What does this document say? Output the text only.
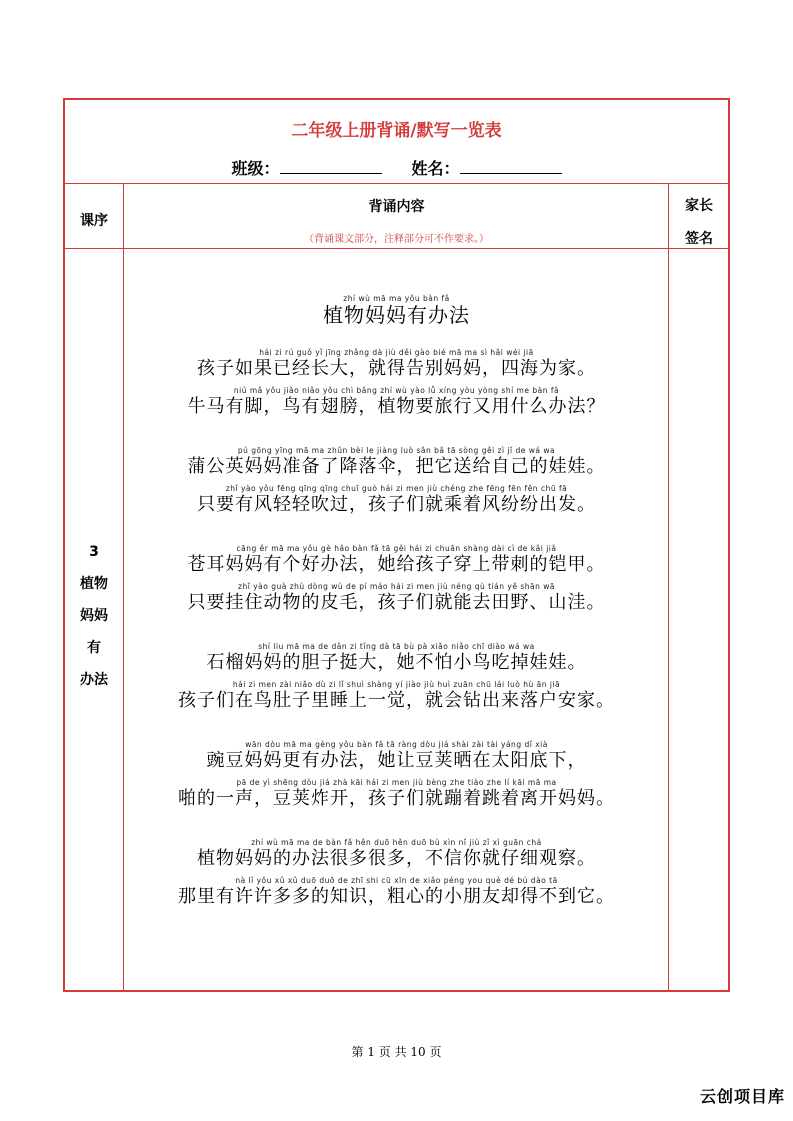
二年级上册背诵/默写一览表
班级：	姓名：
课序
背诵内容
（背诵课文部分，注释部分可不作要求。）
家长
签名
3
植物
妈妈
有
办法
zhí wù mā ma yǒu bàn fǎ
植物妈妈有办法
hái zi rú guǒ yǐ jīng zhǎng dà jiù děi gào bié mā ma sì hǎi wéi jiā
孩子如果已经长大，就得告别妈妈，四海为家。
niú mǎ yǒu jiǎo niǎo yǒu chì bǎng zhí wù yào lǚ xíng yòu yòng shí me bàn fǎ
牛马有脚，鸟有翅膀，植物要旅行又用什么办法？
pú gōng yīng mā ma zhǔn bèi le jiàng luò sǎn bǎ tā sòng gěi zì jǐ de wá wa
蒲公英妈妈准备了降落伞，把它送给自己的娃娃。
zhǐ yào yǒu fēng qīng qīng chuī guò hái zi men jiù chéng zhe fēng fēn fēn chū fā
只要有风轻轻吹过，孩子们就乘着风纷纷出发。
cāng ěr mā ma yǒu gè hǎo bàn fǎ tā gěi hái zi chuān shàng dài cì de kǎi jiǎ
苍耳妈妈有个好办法，她给孩子穿上带刺的铠甲。
zhǐ yào guà zhù dòng wù de pí máo hái zi men jiù néng qù tián yě shān wā
只要挂住动物的皮毛，孩子们就能去田野、山洼。
shí liu mā ma de dǎn zi tǐng dà tā bù pà xiǎo niǎo chī diào wá wa
石榴妈妈的胆子挺大，她不怕小鸟吃掉娃娃。
hái zi men zài niǎo dù zi lǐ shuì shàng yí jiào jiù huì zuān chū lái luò hù ān jiā
孩子们在鸟肚子里睡上一觉，就会钻出来落户安家。
wān dòu mā ma gèng yǒu bàn fǎ tā ràng dòu jiá shài zài tài yáng dǐ xià
豌豆妈妈更有办法，她让豆荚晒在太阳底下，
pā de yì shēng dòu jiá zhà kāi hái zi men jiù bèng zhe tiào zhe lí kāi mā ma
啪的一声，豆荚炸开，孩子们就蹦着跳着离开妈妈。
zhí wù mā ma de bàn fǎ hěn duō hěn duō bù xìn nǐ jiù zǐ xì guān chá
植物妈妈的办法很多很多，不信你就仔细观察。
nà lǐ yǒu xǔ xǔ duō duō de zhī shi cū xīn de xiǎo péng you què dé bú dào tā
那里有许许多多的知识，粗心的小朋友却得不到它。
第 1 页 共 10 页
云创项目库
